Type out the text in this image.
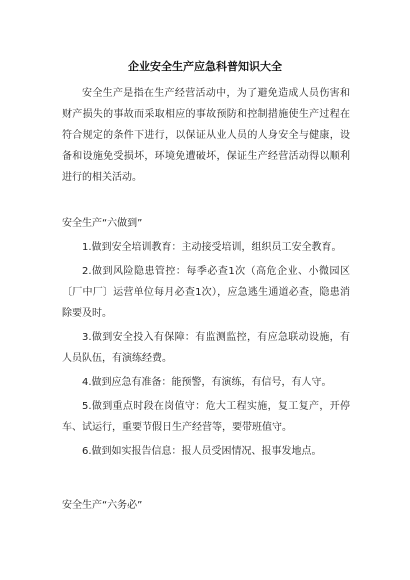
企业安全生产应急科普知识大全

安全生产是指在生产经营活动中，为了避免造成人员伤害和财产损失的事故而采取相应的事故预防和控制措施使生产过程在符合规定的条件下进行，以保证从业人员的人身安全与健康，设备和设施免受损坏，环境免遭破坏，保证生产经营活动得以顺利进行的相关活动。

安全生产“六做到”

1.做到安全培训教育：主动接受培训，组织员工安全教育。
2.做到风险隐患管控：每季必查1次（高危企业、小微园区〔厂中厂〕运营单位每月必查1次），应急逃生通道必查，隐患消除要及时。
3.做到安全投入有保障：有监测监控，有应急联动设施，有人员队伍，有演练经费。
4.做到应急有准备：能预警，有演练，有信号，有人守。
5.做到重点时段在岗值守：危大工程实施，复工复产，开停车、试运行，重要节假日生产经营等，要带班值守。
6.做到如实报告信息：报人员受困情况、报事发地点。

安全生产“六务必”
